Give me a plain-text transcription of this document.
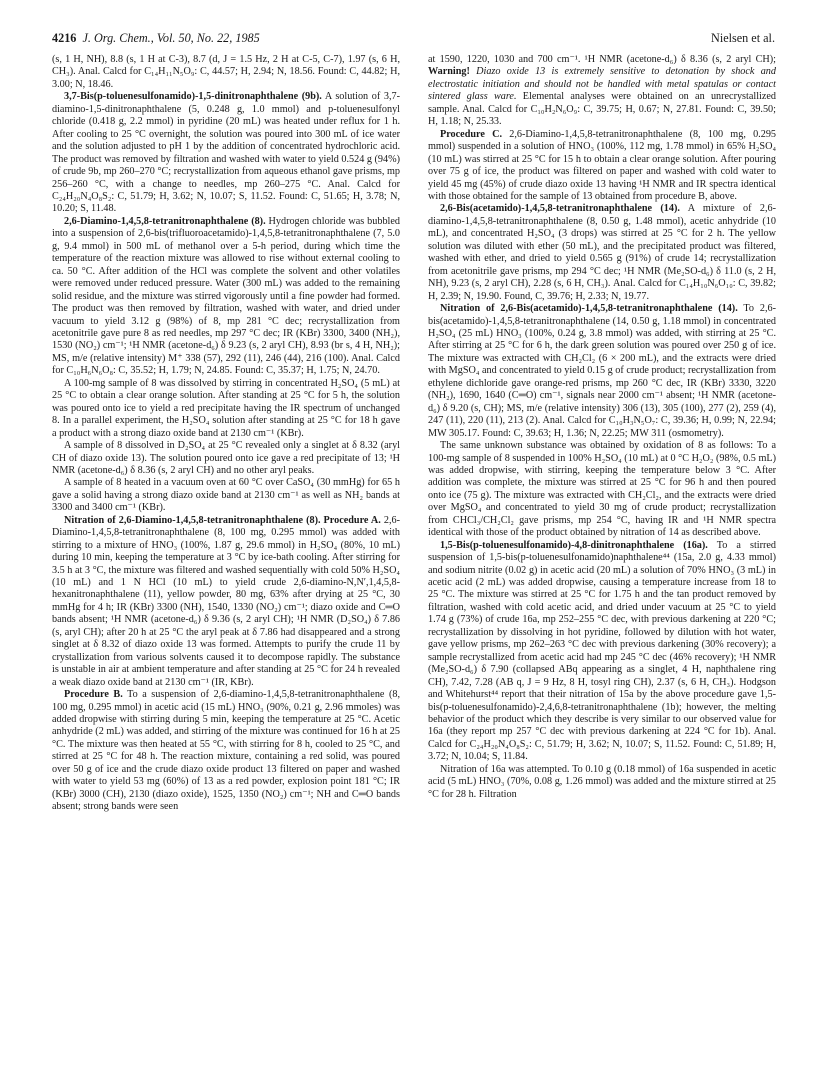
4216 J. Org. Chem., Vol. 50, No. 22, 1985	Nielsen et al.

(s, 1 H, NH), 8.8 (s, 1 H at C-3), 8.7 (d, J = 1.5 Hz, 2 H at C-5, C-7), 1.97 (s, 6 H, CH₃). Anal. Calcd for C₁₄H₁₁N₅O₉: C, 44.57; H, 2.94; N, 18.56. Found: C, 44.82; H, 3.00; N, 18.46.

3,7-Bis(p-toluenesulfonamido)-1,5-dinitronaphthalene (9b). A solution of 3,7-diamino-1,5-dinitronaphthalene (5, 0.248 g, 1.0 mmol) and p-toluenesulfonyl chloride (0.418 g, 2.2 mmol) in pyridine (20 mL) was heated under reflux for 1 h. After cooling to 25 °C overnight, the solution was poured into 300 mL of ice water and the solution adjusted to pH 1 by the addition of concentrated hydrochloric acid. The product was removed by filtration and washed with water to yield 0.524 g (94%) of crude 9b, mp 260–270 °C; recrystallization from aqueous ethanol gave prisms, mp 256–260 °C, with a change to needles, mp 260–275 °C. Anal. Calcd for C₂₄H₂₀N₄O₈S₂: C, 51.79; H, 3.62; N, 10.07; S, 11.52. Found: C, 51.65; H, 3.78; N, 10.20; S, 11.48.

2,6-Diamino-1,4,5,8-tetranitronaphthalene (8). Hydrogen chloride was bubbled into a suspension of 2,6-bis(trifluoroacetamido)-1,4,5,8-tetranitronaphthalene (7, 5.0 g, 9.4 mmol) in 500 mL of methanol over a 5-h period, during which time the temperature of the reaction mixture was allowed to rise without external cooling to ca. 50 °C. After addition of the HCl was complete the solvent and other volatiles were removed under reduced pressure. Water (300 mL) was added to the remaining solid residue, and the mixture was stirred vigorously until a fine powder had formed. The product was then removed by filtration, washed with water, and dried under vacuum to yield 3.12 g (98%) of 8, mp 281 °C dec; recrystallization from acetonitrile gave pure 8 as red needles, mp 297 °C dec; IR (KBr) 3300, 3400 (NH₂), 1530 (NO₂) cm⁻¹; ¹H NMR (acetone-d₆) δ 9.23 (s, 2 aryl CH), 8.93 (br s, 4 H, NH₂); MS, m/e (relative intensity) M⁺ 338 (57), 292 (11), 246 (44), 216 (100). Anal. Calcd for C₁₀H₆N₆O₈: C, 35.52; H, 1.79; N, 24.85. Found: C, 35.37; H, 1.75; N, 24.70.

A 100-mg sample of 8 was dissolved by stirring in concentrated H₂SO₄ (5 mL) at 25 °C to obtain a clear orange solution. After standing at 25 °C for 5 h, the solution was poured onto ice to yield a red precipitate having the IR spectrum of unchanged 8. In a parallel experiment, the H₂SO₄ solution after standing at 25 °C for 18 h gave a product with a strong diazo oxide band at 2130 cm⁻¹ (KBr).

A sample of 8 dissolved in D₂SO₄ at 25 °C revealed only a singlet at δ 8.32 (aryl CH of diazo oxide 13). The solution poured onto ice gave a red precipitate of 13; ¹H NMR (acetone-d₆) δ 8.36 (s, 2 aryl CH) and no other aryl peaks.

A sample of 8 heated in a vacuum oven at 60 °C over CaSO₄ (30 mmHg) for 65 h gave a solid having a strong diazo oxide band at 2130 cm⁻¹ as well as NH₂ bands at 3300 and 3400 cm⁻¹ (KBr).

Nitration of 2,6-Diamino-1,4,5,8-tetranitronaphthalene (8). Procedure A. 2,6-Diamino-1,4,5,8-tetranitronaphthalene (8, 100 mg, 0.295 mmol) was added with stirring to a mixture of HNO₃ (100%, 1.87 g, 29.6 mmol) in H₂SO₄ (80%, 10 mL) during 10 min, keeping the temperature at 3 °C by ice-bath cooling. After stirring for 3.5 h at 3 °C, the mixture was filtered and washed sequentially with cold 50% H₂SO₄ (10 mL) and 1 N HCl (10 mL) to yield crude 2,6-diamino-N,N′,1,4,5,8-hexanitronaphthalene (11), yellow powder, 80 mg, 63% after drying at 25 °C, 30 mmHg for 4 h; IR (KBr) 3300 (NH), 1540, 1330 (NO₂) cm⁻¹; diazo oxide and C═O bands absent; ¹H NMR (acetone-d₆) δ 9.36 (s, 2 aryl CH); ¹H NMR (D₂SO₄) δ 7.86 (s, aryl CH); after 20 h at 25 °C the aryl peak at δ 7.86 had disappeared and a strong singlet at δ 8.32 of diazo oxide 13 was formed. Attempts to purify the crude 11 by crystallization from various solvents caused it to decompose rapidly. The substance is unstable in air at ambient temperature and after standing at 25 °C for 24 h revealed a weak diazo oxide band at 2130 cm⁻¹ (IR, KBr).

Procedure B. To a suspension of 2,6-diamino-1,4,5,8-tetranitronaphthalene (8, 100 mg, 0.295 mmol) in acetic acid (15 mL) HNO₃ (90%, 0.21 g, 2.96 mmoles) was added dropwise with stirring during 5 min, keeping the temperature at 25 °C. Acetic anhydride (2 mL) was added, and stirring of the mixture was continued for 16 h at 25 °C. The mixture was then heated at 55 °C, with stirring for 8 h, cooled to 25 °C, and stirred at 25 °C for 48 h. The reaction mixture, containing a red solid, was poured over 50 g of ice and the crude diazo oxide product 13 filtered on paper and washed with water to yield 53 mg (60%) of 13 as a red powder, explosion point 181 °C; IR (KBr) 3000 (CH), 2130 (diazo oxide), 1525, 1350 (NO₂) cm⁻¹; NH and C═O bands absent; strong bands were seen

at 1590, 1220, 1030 and 700 cm⁻¹. ¹H NMR (acetone-d₆) δ 8.36 (s, 2 aryl CH); Warning! Diazo oxide 13 is extremely sensitive to detonation by shock and electrostatic initiation and should not be handled with metal spatulas or contact sintered glass ware. Elemental analyses were obtained on an unrecrystallized sample. Anal. Calcd for C₁₀H₂N₆O₉: C, 39.75; H, 0.67; N, 27.81. Found: C, 39.50; H, 1.18; N, 25.33.

Procedure C. 2,6-Diamino-1,4,5,8-tetranitronaphthalene (8, 100 mg, 0.295 mmol) suspended in a solution of HNO₃ (100%, 112 mg, 1.78 mmol) in 65% H₂SO₄ (10 mL) was stirred at 25 °C for 15 h to obtain a clear orange solution. After pouring over 75 g of ice, the product was filtered on paper and washed with cold water to yield 45 mg (45%) of crude diazo oxide 13 having ¹H NMR and IR spectra identical with those obtained for the sample of 13 obtained from procedure B, above.

2,6-Bis(acetamido)-1,4,5,8-tetranitronaphthalene (14). A mixture of 2,6-diamino-1,4,5,8-tetranitronaphthalene (8, 0.50 g, 1.48 mmol), acetic anhydride (10 mL), and concentrated H₂SO₄ (3 drops) was stirred at 25 °C for 2 h. The yellow solution was diluted with ether (50 mL), and the precipitated product was filtered, washed with ether, and dried to yield 0.565 g (91%) of crude 14; recrystallization from acetonitrile gave prisms, mp 294 °C dec; ¹H NMR (Me₂SO-d₆) δ 11.0 (s, 2 H, NH), 9.23 (s, 2 aryl CH), 2.28 (s, 6 H, CH₃). Anal. Calcd for C₁₄H₁₀N₆O₁₀: C, 39.82; H, 2.39; N, 19.90. Found, C, 39.76; H, 2.33; N, 19.77.

Nitration of 2,6-Bis(acetamido)-1,4,5,8-tetranitronaphthalene (14). To 2,6-bis(acetamido)-1,4,5,8-tetranitronaphthalene (14, 0.50 g, 1.18 mmol) in concentrated H₂SO₄ (25 mL) HNO₃ (100%, 0.24 g, 3.8 mmol) was added, with stirring at 25 °C. After stirring at 25 °C for 6 h, the dark green solution was poured over 250 g of ice. The mixture was extracted with CH₂Cl₂ (6 × 200 mL), and the extracts were dried with MgSO₄ and concentrated to yield 0.15 g of crude product; recrystallization from ethylene dichloride gave orange-red prisms, mp 260 °C dec, IR (KBr) 3330, 3220 (NH₂), 1690, 1640 (C═O) cm⁻¹, signals near 2000 cm⁻¹ absent; ¹H NMR (acetone-d₆) δ 9.20 (s, CH); MS, m/e (relative intensity) 306 (13), 305 (100), 277 (2), 259 (4), 247 (11), 220 (11), 213 (2). Anal. Calcd for C₁₀H₃N₅O₇: C, 39.36; H, 0.99; N, 22.94; MW 305.17. Found: C, 39.63; H, 1.36; N, 22.25; MW 311 (osmometry).

The same unknown substance was obtained by oxidation of 8 as follows: To a 100-mg sample of 8 suspended in 100% H₂SO₄ (10 mL) at 0 °C H₂O₂ (98%, 0.5 mL) was added dropwise, with stirring, keeping the temperature below 3 °C. After addition was complete, the mixture was stirred at 25 °C for 96 h and then poured onto ice (75 g). The mixture was extracted with CH₂Cl₂, and the extracts were dried over MgSO₄ and concentrated to yield 30 mg of crude product; recrystallization from CHCl₃/CH₂Cl₂ gave prisms, mp 254 °C, having IR and ¹H NMR spectra identical with those of the product obtained by nitration of 14 as described above.

1,5-Bis(p-toluenesulfonamido)-4,8-dinitronaphthalene (16a). To a stirred suspension of 1,5-bis(p-toluenesulfonamido)naphthalene⁴⁴ (15a, 2.0 g, 4.33 mmol) and sodium nitrite (0.02 g) in acetic acid (20 mL) a solution of 70% HNO₃ (3 mL) in acetic acid (2 mL) was added dropwise, causing a temperature increase from 18 to 25 °C. The mixture was stirred at 25 °C for 1.75 h and the tan product removed by filtration, washed with cold acetic acid, and dried under vacuum at 25 °C to yield 1.74 g (73%) of crude 16a, mp 252–255 °C dec, with previous darkening at 220 °C; recrystallization by dissolving in hot pyridine, followed by dilution with hot water, gave yellow prisms, mp 262–263 °C dec with previous darkening (30% recovery); a sample recrystallized from acetic acid had mp 245 °C dec (46% recovery); ¹H NMR (Me₂SO-d₆) δ 7.90 (collapsed ABq appearing as a singlet, 4 H, naphthalene ring CH), 7.42, 7.28 (AB q, J = 9 Hz, 8 H, tosyl ring CH), 2.37 (s, 6 H, CH₃). Hodgson and Whitehurst⁴⁴ report that their nitration of 15a by the above procedure gave 1,5-bis(p-toluenesulfonamido)-2,4,6,8-tetranitronaphthalene (1b); however, the melting behavior of the product which they describe is very similar to our observed value for 16a (they report mp 257 °C dec with previous darkening at 224 °C for 1b). Anal. Calcd for C₂₄H₂₀N₄O₈S₂: C, 51.79; H, 3.62; N, 10.07; S, 11.52. Found: C, 51.89; H, 3.72; N, 10.04; S, 11.84.

Nitration of 16a was attempted. To 0.10 g (0.18 mmol) of 16a suspended in acetic acid (5 mL) HNO₃ (70%, 0.08 g, 1.26 mmol) was added and the mixture stirred at 25 °C for 28 h. Filtration
